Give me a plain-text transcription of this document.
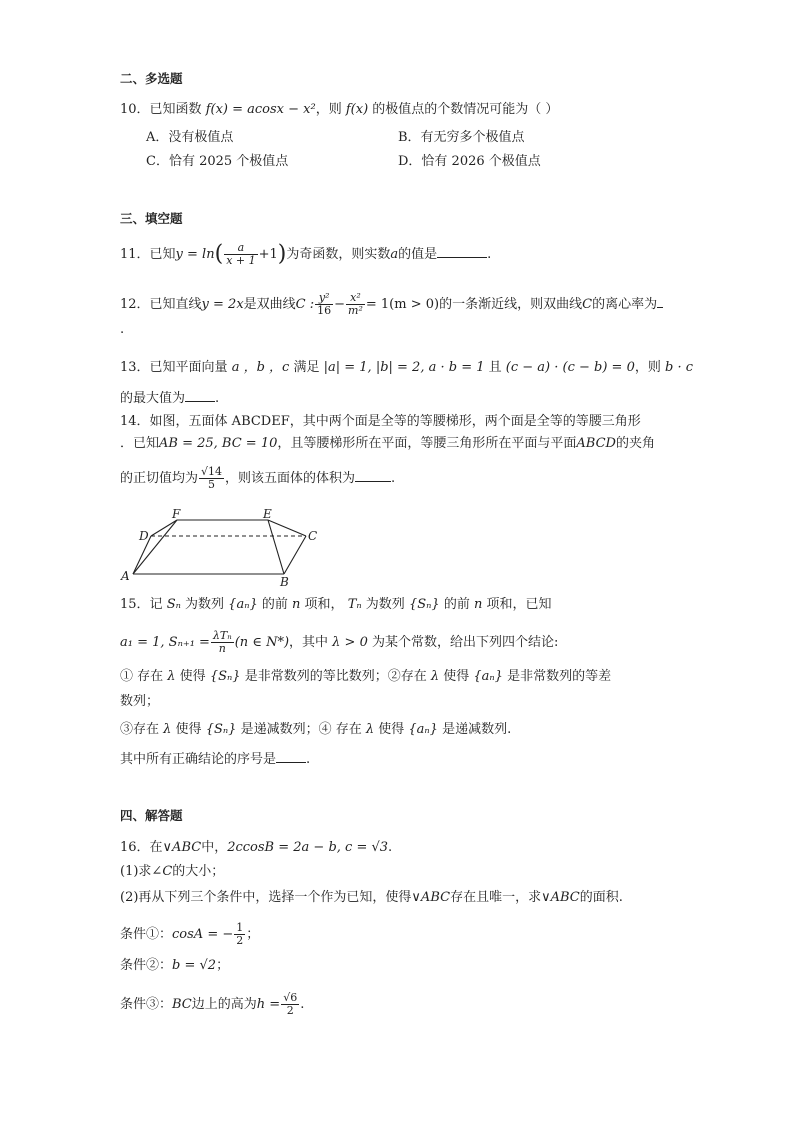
二、多选题
10．已知函数 f(x) = acosx − x²，则 f(x) 的极值点的个数情况可能为（ ）
A．没有极值点	B．有无穷多个极值点
C．恰有 2025 个极值点	D．恰有 2026 个极值点
三、填空题
11．已知$y = \ln( \frac{a}{x + 1} +1)$为奇函数，则实数a的值是	.
12．已知直线y = 2x是双曲线C : $\frac{\text{y²}}{16} - \frac{\text{x²}}{\text{m²}} = 1(m > 0)$的一条渐近线，则双曲线C的离心率为
.
13．已知平面向量 a ，b ，c 满足 |a| = 1, |b| = 2, a · b = 1 且 (c − a) · (c − b) = 0，则 b · c
的最大值为 .
14．如图，五面体 ABCDEF，其中两个面是全等的等腰梯形，两个面是全等的等腰三角形
．已知AB = 25, BC = 10，且等腰梯形所在平面，等腰三角形所在平面与平面ABCD的夹角
的正切值均为 $\frac{√14}{5}$ ，则该五面体的体积为	.
F	E
D	C
A	B
15．记 Sₙ 为数列 {aₙ} 的前 n 项和， Tₙ 为数列 {Sₙ} 的前 n 项和，已知
a₁ = 1, $S_{n+1} = \frac{\text{λTₙ}}{n} (n$ ∈ N*)，其中 λ > 0 为某个常数，给出下列四个结论:
① 存在 λ 使得 {Sₙ} 是非常数列的等比数列；②存在 λ 使得 {aₙ} 是非常数列的等差
数列；
③存在 λ 使得 {Sₙ} 是递减数列；④ 存在 λ 使得 {aₙ} 是递减数列.
其中所有正确结论的序号是 .
四、解答题
16．在∨ABC中，2ccosB = 2a − b, c = √3.
(1)求∠C的大小；
(2)再从下列三个条件中，选择一个作为已知，使得∨ABC存在且唯一，求∨ABC的面积.
条件①：cosA = − $\frac{1}{2}$ ；
条件②：b = √2；
条件③：BC边上的高为$h = \frac{√6}{2}$ .
